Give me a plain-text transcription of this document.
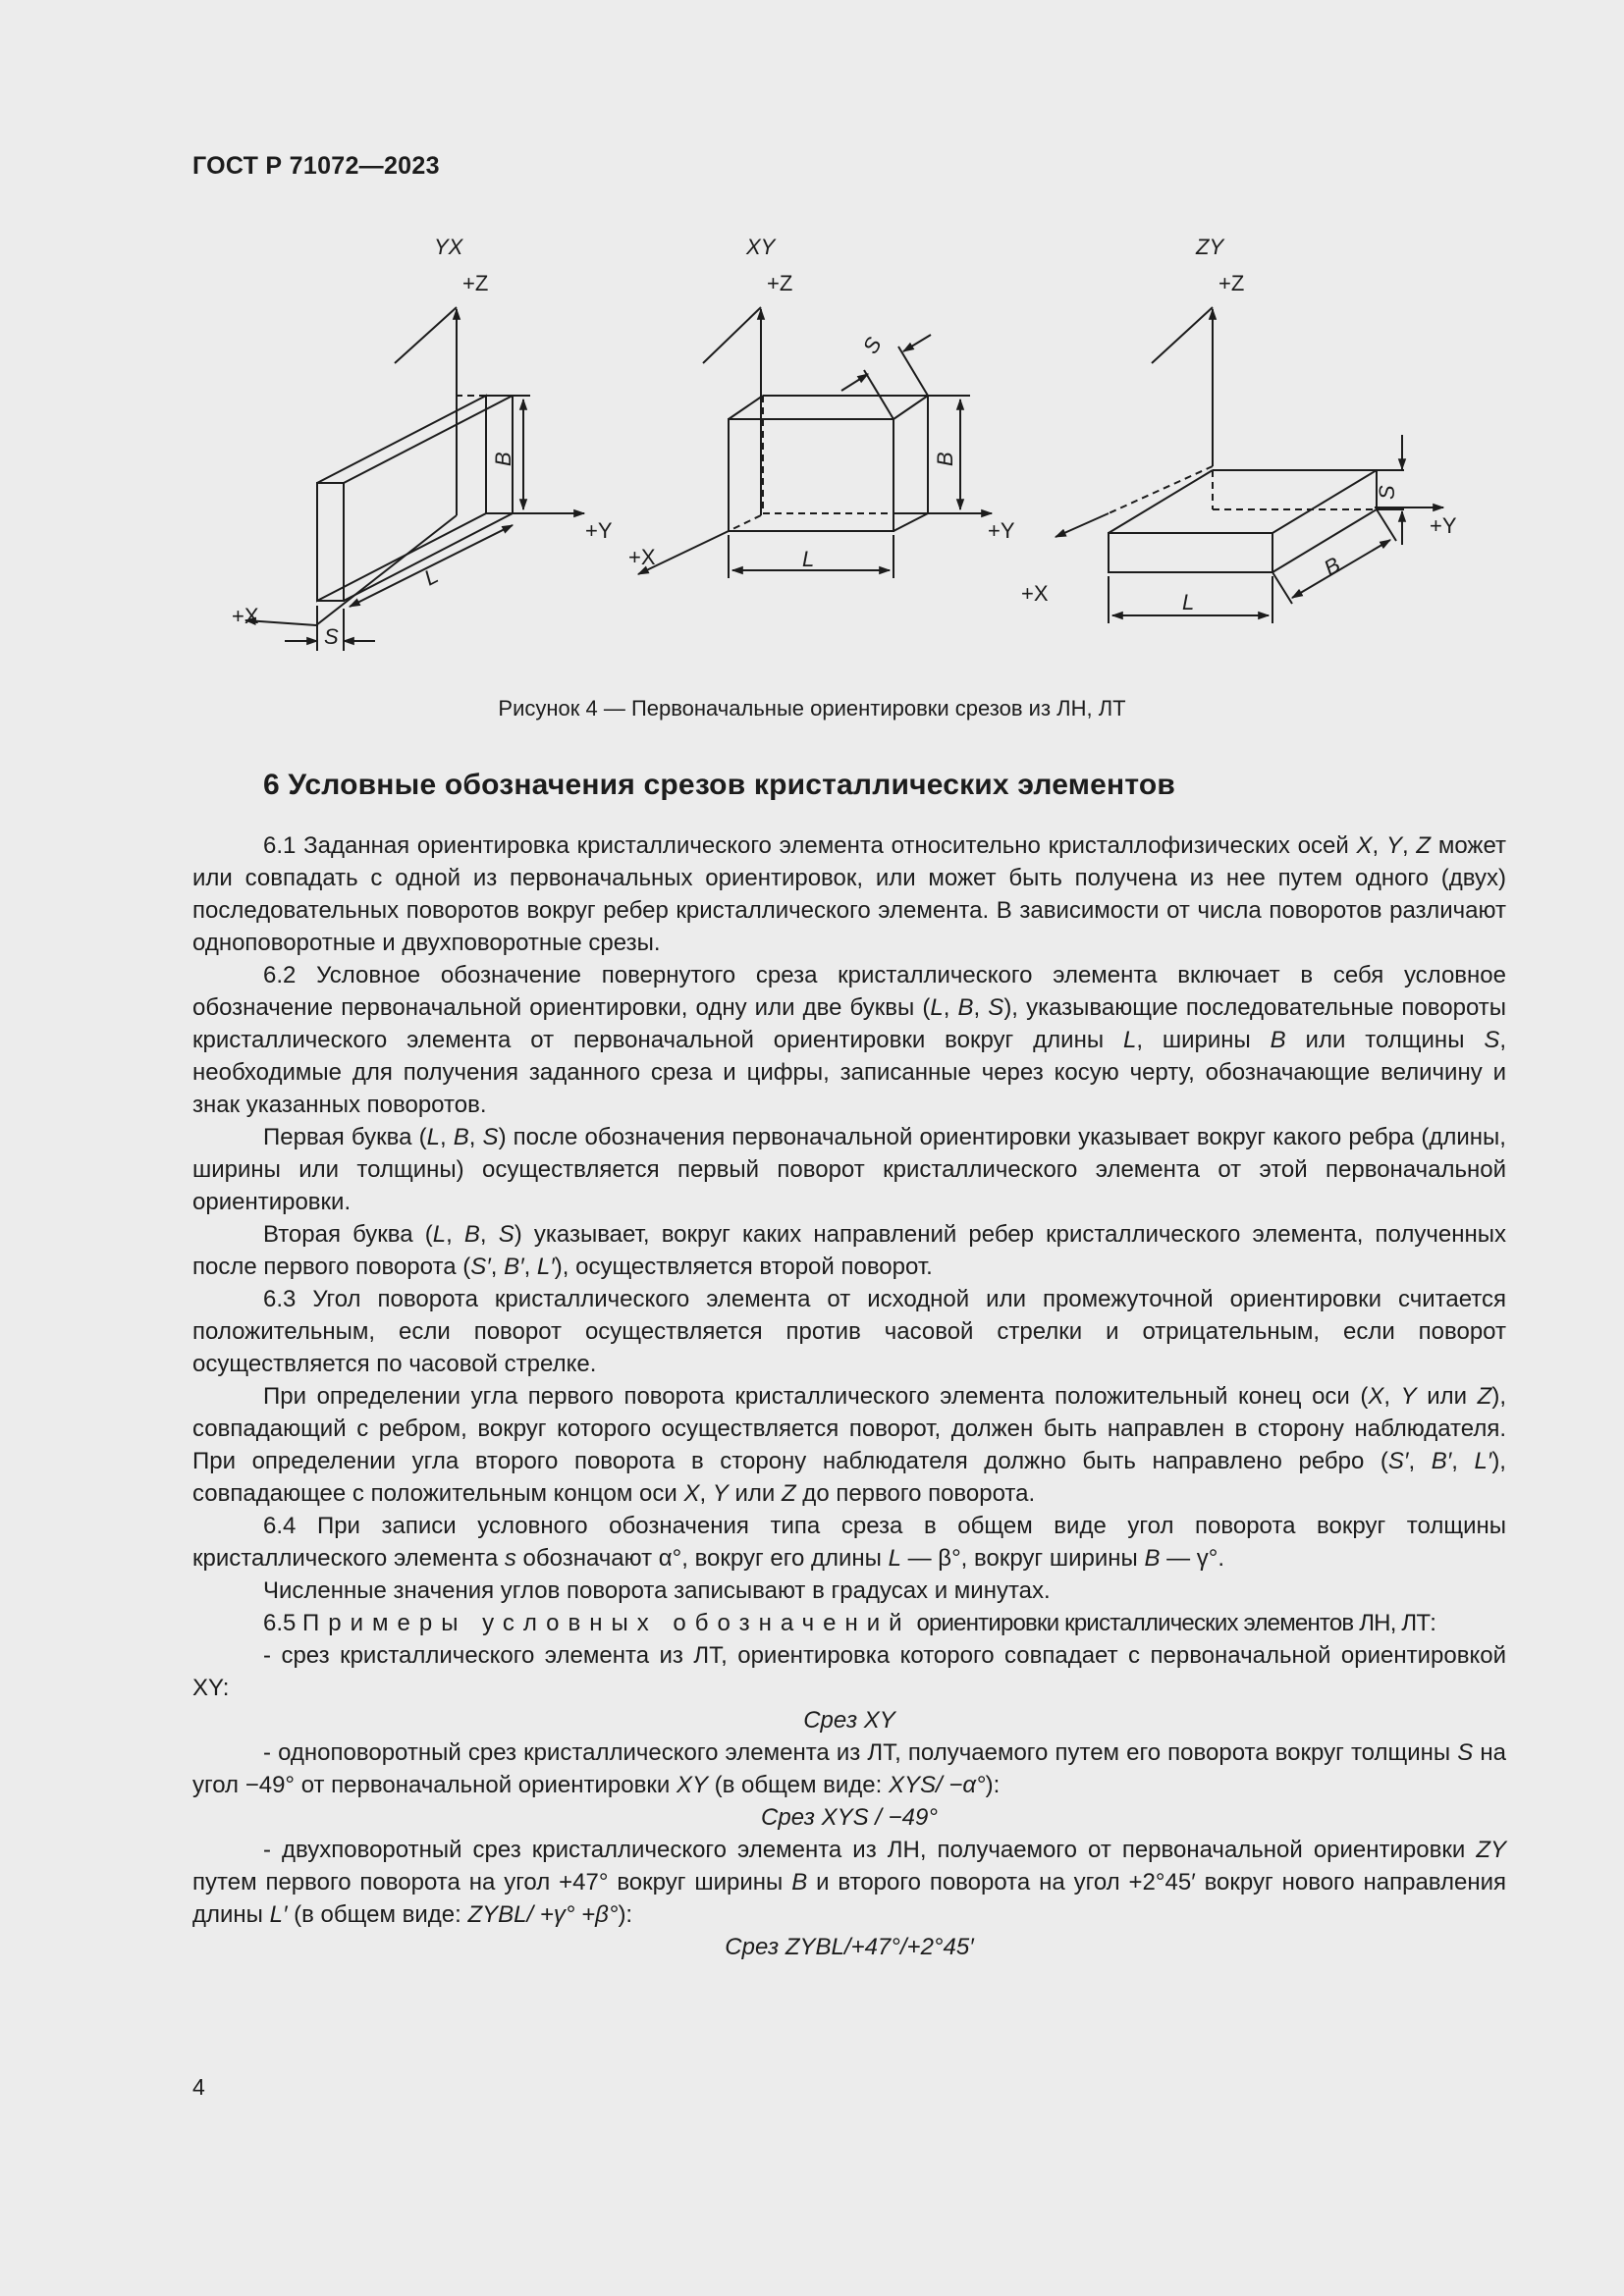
ГОСТ Р 71072—2023
YX
+Z
+Y
+X
B
L
S
XY
+Z
+Y
+X
S
B
L
ZY
+Z
+Y
+X
S
B
L
Рисунок 4 — Первоначальные ориентировки срезов из ЛН, ЛТ
6 Условные обозначения срезов кристаллических элементов

6.1 Заданная ориентировка кристаллического элемента относительно кристаллофизических осей X, Y, Z может или совпадать с одной из первоначальных ориентировок, или может быть получена из нее путем одного (двух) последовательных поворотов вокруг ребер кристаллического элемента. В зависимости от числа поворотов различают одноповоротные и двухповоротные срезы.

6.2 Условное обозначение повернутого среза кристаллического элемента включает в себя условное обозначение первоначальной ориентировки, одну или две буквы (L, B, S), указывающие последовательные повороты кристаллического элемента от первоначальной ориентировки вокруг длины L, ширины B или толщины S, необходимые для получения заданного среза и цифры, записанные через косую черту, обозначающие величину и знак указанных поворотов.

Первая буква (L, B, S) после обозначения первоначальной ориентировки указывает вокруг какого ребра (длины, ширины или толщины) осуществляется первый поворот кристаллического элемента от этой первоначальной ориентировки.

Вторая буква (L, B, S) указывает, вокруг каких направлений ребер кристаллического элемента, полученных после первого поворота (S′, B′, L′), осуществляется второй поворот.

6.3 Угол поворота кристаллического элемента от исходной или промежуточной ориентировки считается положительным, если поворот осуществляется против часовой стрелки и отрицательным, если поворот осуществляется по часовой стрелке.

При определении угла первого поворота кристаллического элемента положительный конец оси (X, Y или Z), совпадающий с ребром, вокруг которого осуществляется поворот, должен быть направлен в сторону наблюдателя. При определении угла второго поворота в сторону наблюдателя должно быть направлено ребро (S′, B′, L′), совпадающее с положительным концом оси X, Y или Z до первого поворота.

6.4 При записи условного обозначения типа среза в общем виде угол поворота вокруг толщины кристаллического элемента s обозначают α°, вокруг его длины L — β°, вокруг ширины B — γ°.

Численные значения углов поворота записывают в градусах и минутах.

6.5 Примеры условных обозначений ориентировки кристаллических элементов ЛН, ЛТ:

- срез кристаллического элемента из ЛТ, ориентировка которого совпадает с первоначальной ориентировкой XY:

Срез XY

- одноповоротный срез кристаллического элемента из ЛТ, получаемого путем его поворота вокруг толщины S на угол −49° от первоначальной ориентировки XY (в общем виде: XYS/ −α°):

Срез XYS / −49°

- двухповоротный срез кристаллического элемента из ЛН, получаемого от первоначальной ориентировки ZY путем первого поворота на угол +47° вокруг ширины B и второго поворота на угол +2°45′ вокруг нового направления длины L′ (в общем виде: ZYBL/ +γ° +β°):

Срез ZYBL/+47°/+2°45′

4
